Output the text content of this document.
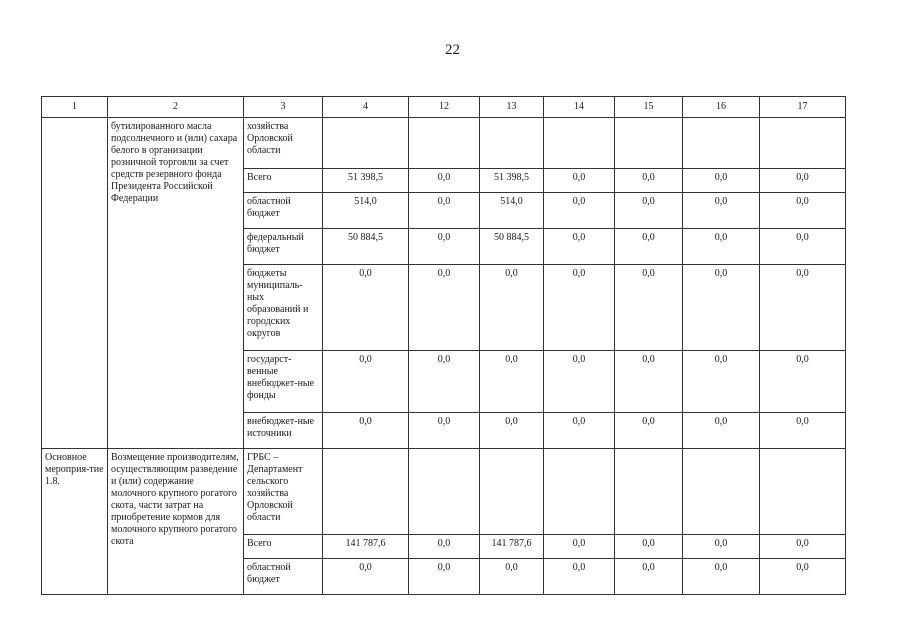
22
1	2	3	4	12	13	14	15	16	17
	бутилированного масла подсолнечного и (или) сахара белого в организации розничной торговли за счет средств резервного фонда Президента Российской Федерации	хозяйства Орловской области							
		Всего	51 398,5	0,0	51 398,5	0,0	0,0	0,0	0,0
		областной бюджет	514,0	0,0	514,0	0,0	0,0	0,0	0,0
		федеральный бюджет	50 884,5	0,0	50 884,5	0,0	0,0	0,0	0,0
		бюджеты муниципаль-ных образований и городских округов	0,0	0,0	0,0	0,0	0,0	0,0	0,0
		государст-венные внебюджет-ные фонды	0,0	0,0	0,0	0,0	0,0	0,0	0,0
		внебюджет-ные источники	0,0	0,0	0,0	0,0	0,0	0,0	0,0
Основное мероприя-тие 1.8.	Возмещение производителям, осуществляющим разведение и (или) содержание молочного крупного рогатого скота, части затрат на приобретение кормов для молочного крупного рогатого скота	ГРБС – Департамент сельского хозяйства Орловской области							
		Всего	141 787,6	0,0	141 787,6	0,0	0,0	0,0	0,0
		областной бюджет	0,0	0,0	0,0	0,0	0,0	0,0	0,0
